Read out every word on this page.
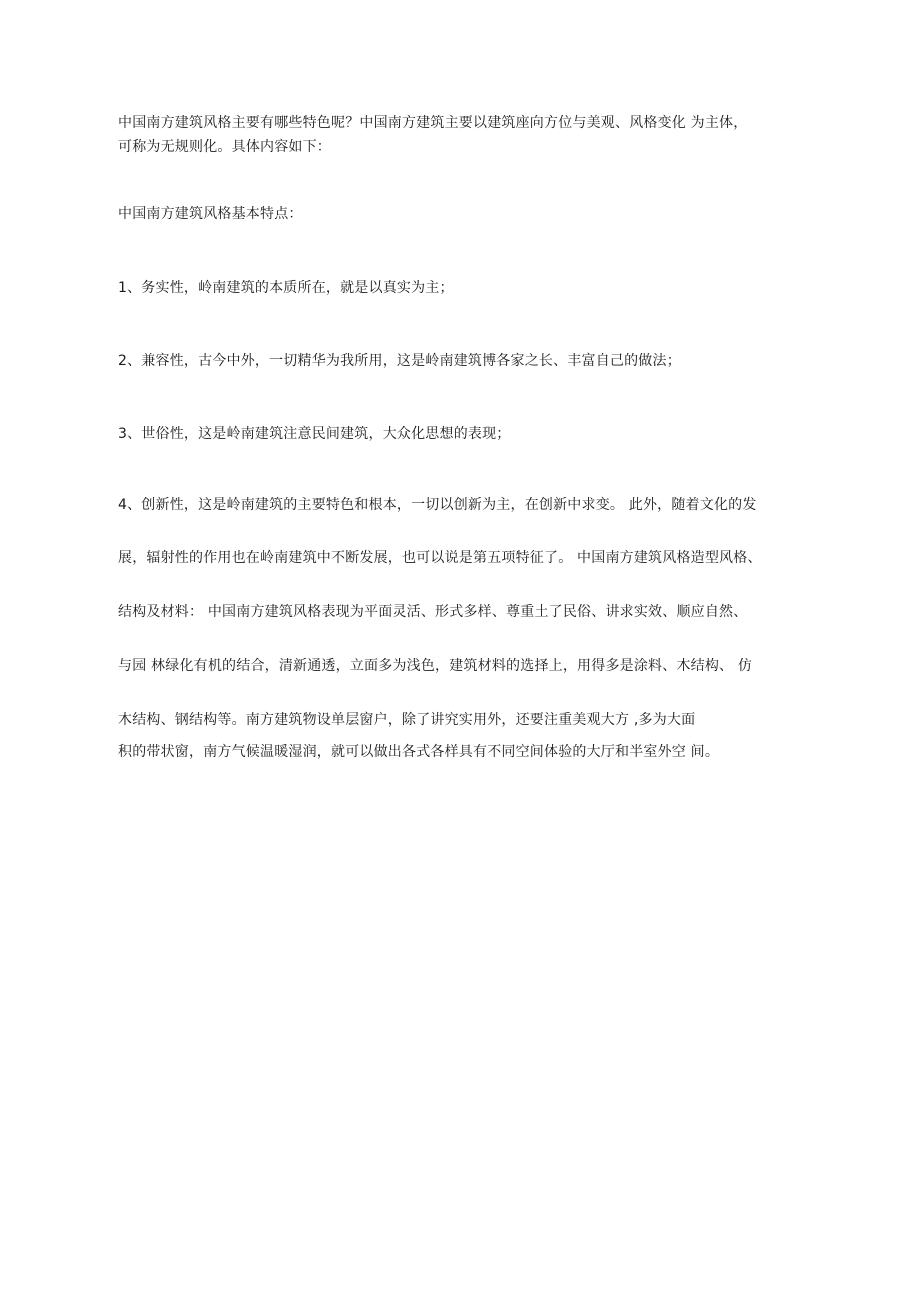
中国南方建筑风格主要有哪些特色呢？中国南方建筑主要以建筑座向方位与美观、风格变化 为主体，
可称为无规则化。具体内容如下：
中国南方建筑风格基本特点：
1、务实性，岭南建筑的本质所在，就是以真实为主；
2、兼容性，古今中外，一切精华为我所用，这是岭南建筑博各家之长、丰富自己的做法；
3、世俗性，这是岭南建筑注意民间建筑，大众化思想的表现；
4、创新性，这是岭南建筑的主要特色和根本，一切以创新为主，在创新中求变。 此外，随着文化的发
展，辐射性的作用也在岭南建筑中不断发展，也可以说是第五项特征了。 中国南方建筑风格造型风格、
结构及材料： 中国南方建筑风格表现为平面灵活、形式多样、尊重土了民俗、讲求实效、顺应自然、
与园 林绿化有机的结合，清新通透，立面多为浅色，建筑材料的选择上，用得多是涂料、木结构、 仿
木结构、钢结构等。南方建筑物设单层窗户，除了讲究实用外，还要注重美观大方 ,多为大面
积的带状窗，南方气候温暖湿润，就可以做出各式各样具有不同空间体验的大厅和半室外空 间。
